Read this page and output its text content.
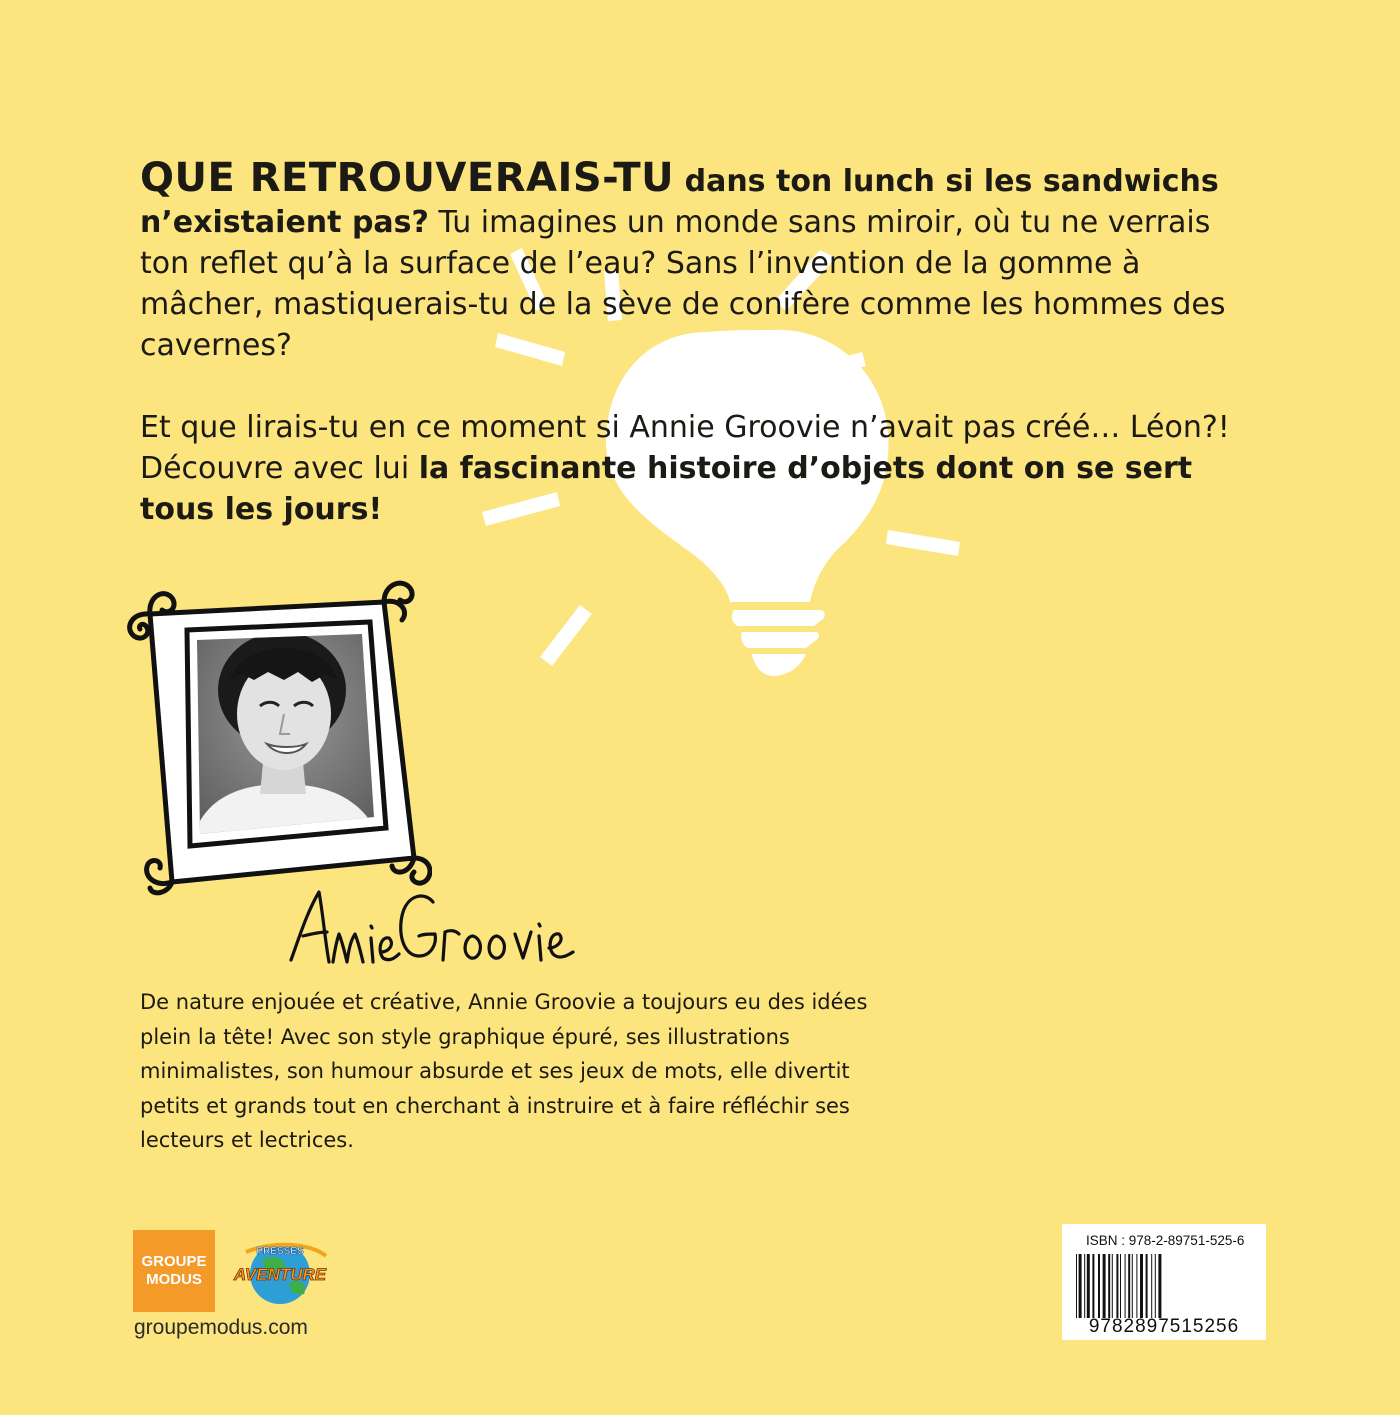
QUE RETROUVERAIS-TU dans ton lunch si les sandwichs n’existaient pas? Tu imagines un monde sans miroir, où tu ne verrais ton reflet qu’à la surface de l’eau? Sans l’invention de la gomme à mâcher, mastiquerais-tu de la sève de conifère comme les hommes des cavernes?

Et que lirais-tu en ce moment si Annie Groovie n’avait pas créé… Léon?! Découvre avec lui la fascinante histoire d’objets dont on se sert tous les jours!

De nature enjouée et créative, Annie Groovie a toujours eu des idées plein la tête! Avec son style graphique épuré, ses illustrations minimalistes, son humour absurde et ses jeux de mots, elle divertit petits et grands tout en cherchant à instruire et à faire réfléchir ses lecteurs et lectrices.

GROUPE
MODUS
PRESSES
AVENTURE
groupemodus.com
ISBN : 978-2-89751-525-6
9782897515256
